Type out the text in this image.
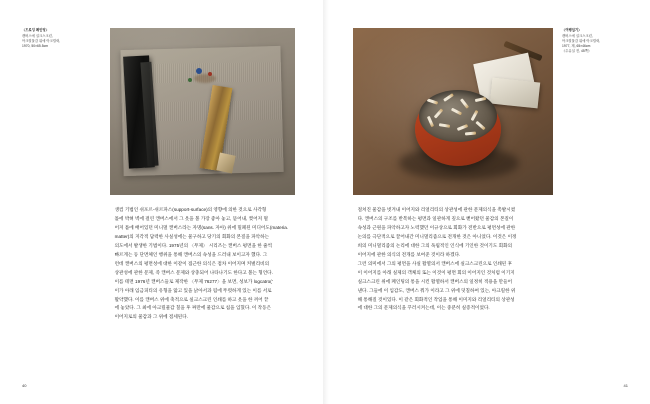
〈드로잉 페인팅〉
캔버스에 실크스크린,
아크릴물감 위에 아크릴릭,
1970, 50×65.5cm

생컴 기법인 쉬포르-쉬르파스(support-surface)의 영향에 의한 것으로 사각형

틀에 박혀 벽에 걸린 캔버스에서 그 옷을 볼 가장 좋아 놓고, 뜯어내, 찢어져 떨

어져 틀에 배어있던 미니멀 캔버스라는 자명(sans. 자아) 위에 밀폐된 미디어도(materia.

matter)의 지각적 담력한 사실성에는 물구하고 당기의 회화의 본질을 파악하는

의도에서 발생한 기법이다. 1975년의 〈무제〉 시리즈는 캔버스 평면을 한 줄씩

빠르게는 등 단면체인 행위을 통해 캔버스의 속성을 드러내 보이고자 했다. 그

런데 캔버스의 평면성에 대한 이같이 접근한 의식은 점차 이어지며 커벌리비의

상관성에 관한 문제, 즉 캔버스 문제와 상충되어 나타나기도 한다고 볼는 형언다.

이를 테면 1976년 캔버스들로 제작한 〈무제 76277〉을 보면, 성보가 logcatro('

이가 아래 임금피티의 유형을 앓고 있을 낡아서과 됨에 뚜렷하게 있는 이를 서로

활약했다. 이를 캔버스 위에 축적으로 실크스크린 인쇄를 하고 옷을 한 꺼어 끝

에 놓았다. 그 최에 아크릴물감 칠을 후 짜만에 물감으로 침을 입혔다. 이 작동은

이어지로의 물감과 그 위에 점세된다.

40
〈여행일기〉
캔버스에 실크스크린,
아크릴물감 위에 아크릴릭,
1977, 재, 65×46cm
《수유실 전, 45쪽》

절쳐진 물감을 벗겨내 이어지와 리얼리티의 상관성에 관한 문제의식을 촉발시켰

다. 캔버스의 구조를 반복하는 평면과 일관하게 깊으로 뻗어왔던 물감의 본질이

속성과 근원을 파악하고자 노력했던 이규상으로 회화가 전반으로 평면성에 관한

논의를 극단적으로 끌어내간 미니멀리즘으로 전개한 것은 아니었다. 이것은 이정

희의 미니멀리즘의 논리에 대한 그의 독립적인 인식에 기인한 것이기도 회화의

이어지에 관한 의식의 전개를 보여준 것이라 하겠다.

그런 의미에서 그의 평면을 사실 활열의서 캔버스에 실크스크린으로 인쇄된 후

이 이어지를 아래 실제의 객체의 또는 이것이 평면 회의 이어지인 것처럼 이기지

실크스크린 위에 페인팅의 통을 시킨 활열하서 캔버스의 일정히 적용을 만들어

낸다. 그들에 이 입감도, 캔버스 뭐가 이라고 그 위에 덧칠하여 있는, 아크릴한 위

해 통해질 것이있다. 이 같은 회화적인 작업을 통해 이미지와 리얼리티의 상관성

에 대한 그의 문제의식을 꾸러시켜는데, 이는 중분히 실증적이었다.

41
